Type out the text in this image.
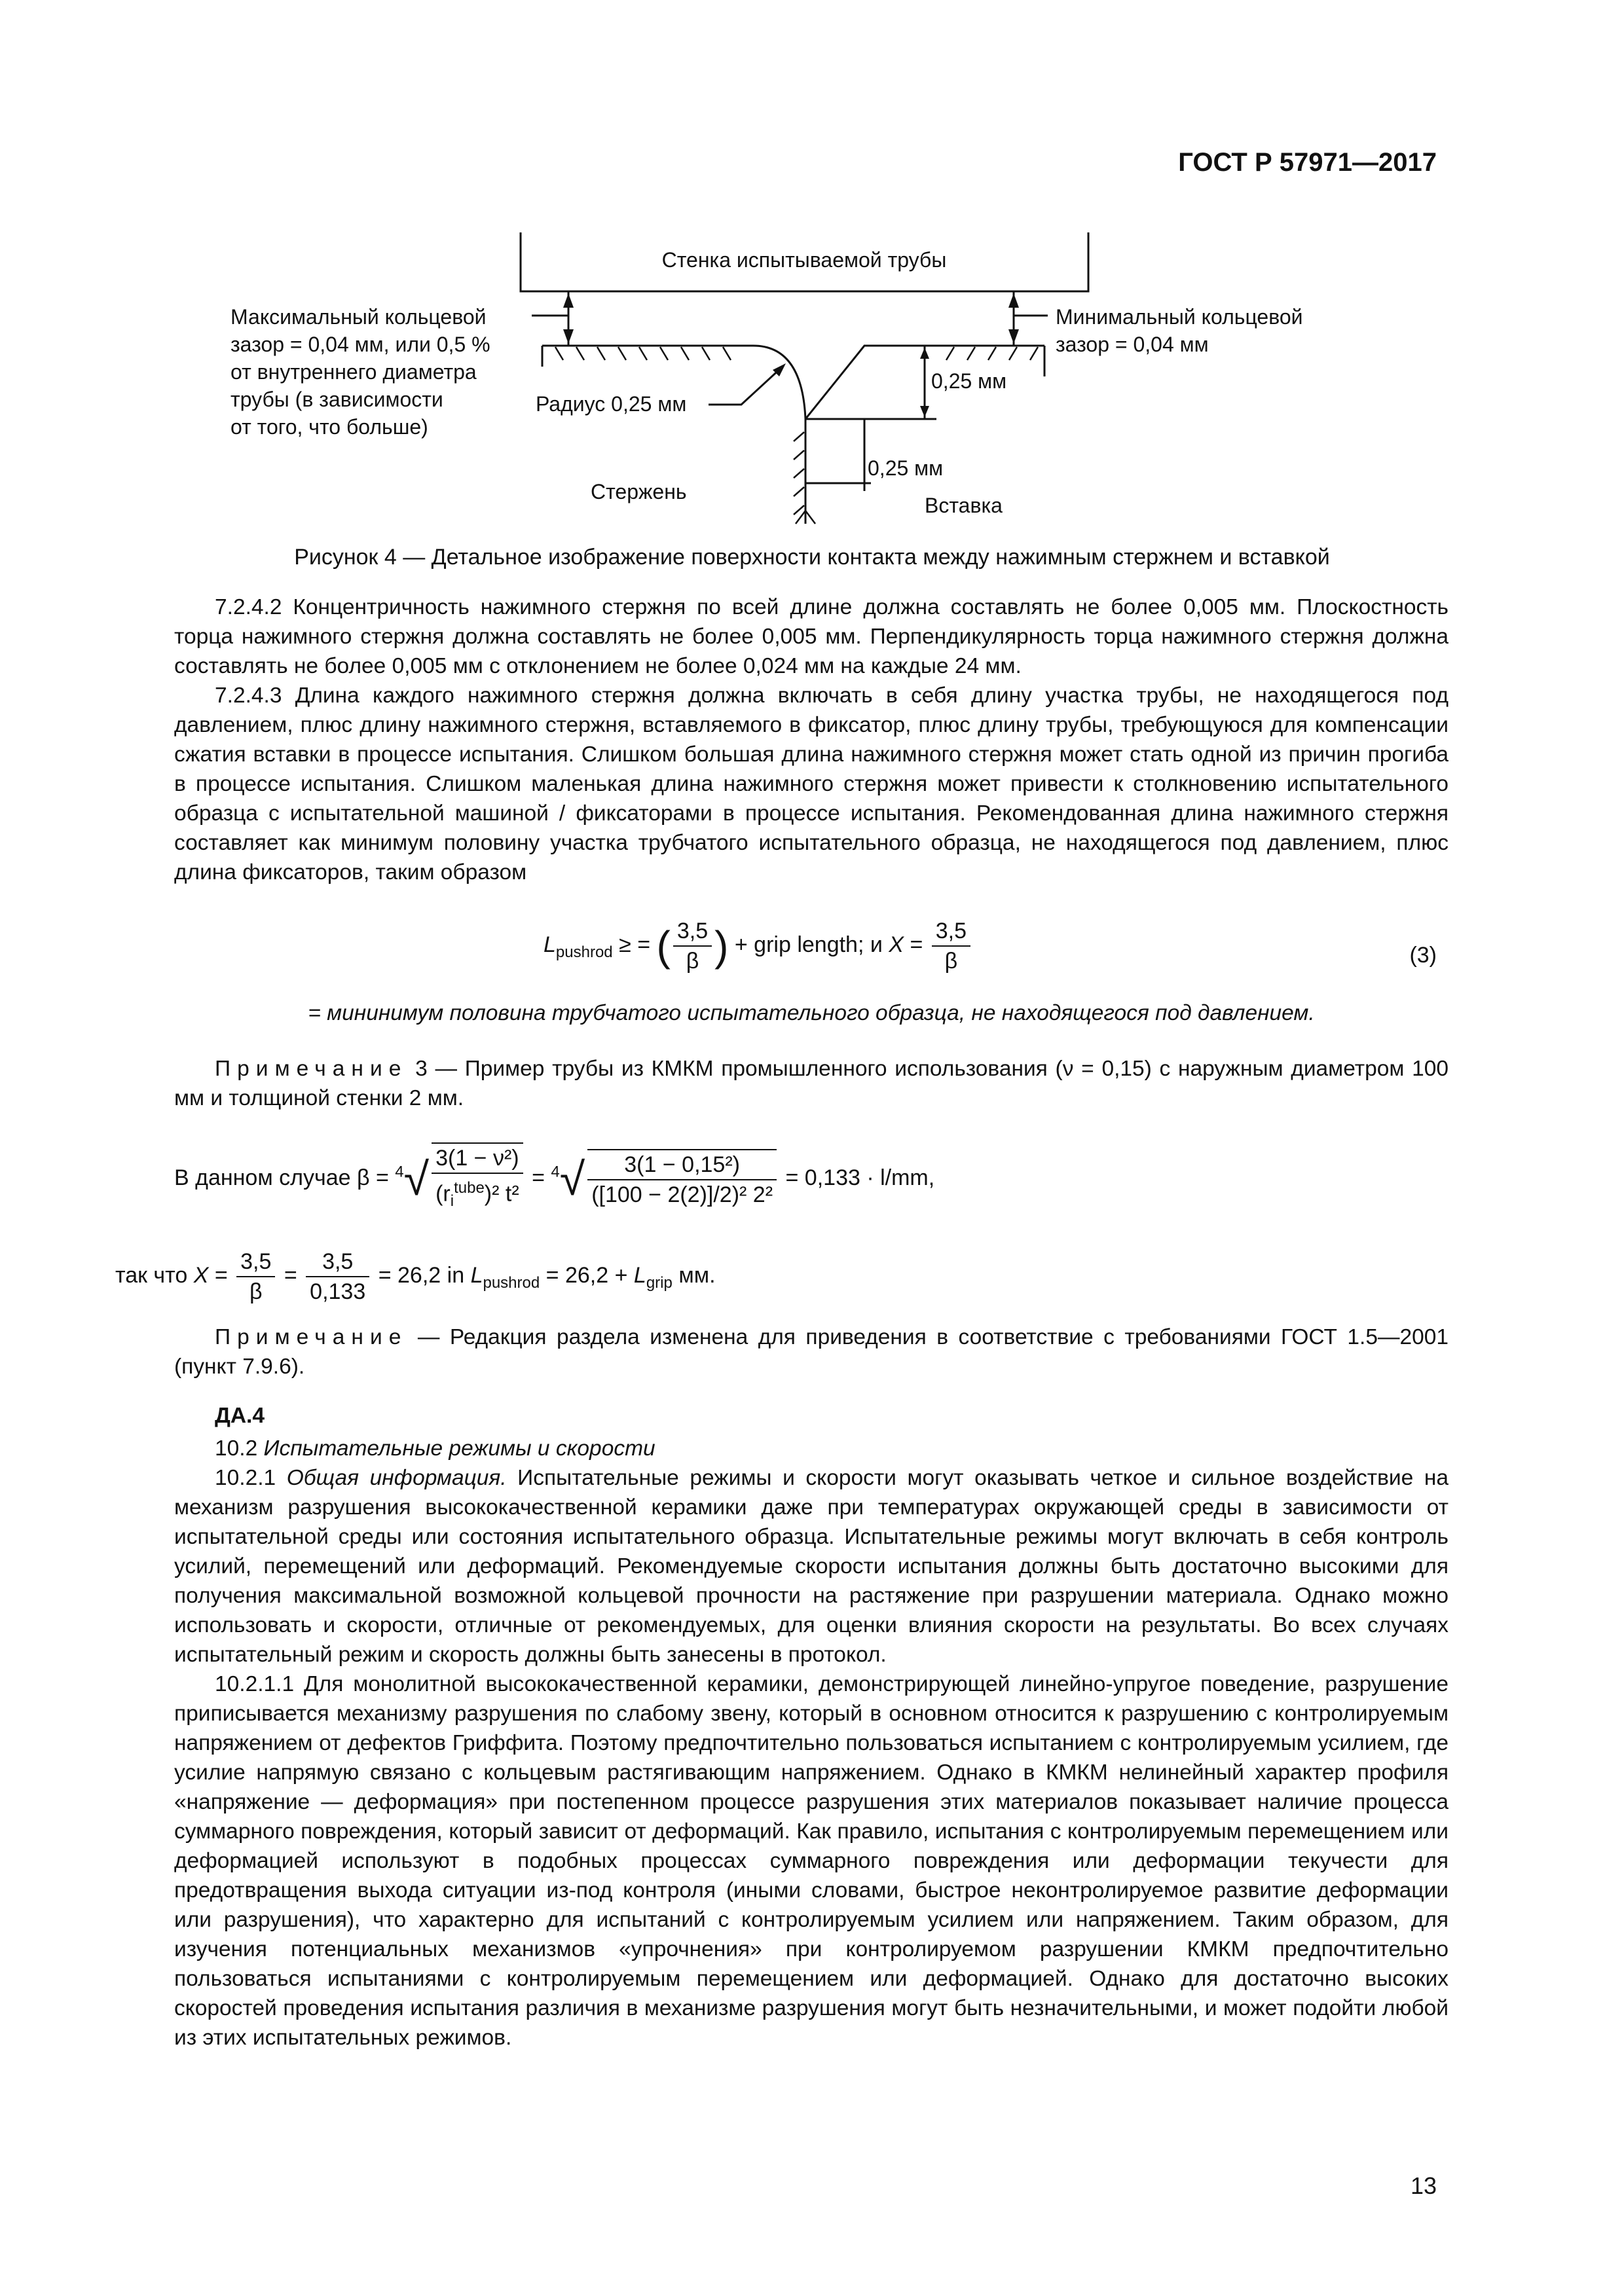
ГОСТ Р 57971—2017
Стенка испытываемой трубы
Максимальный кольцевой
зазор = 0,04 мм, или 0,5 %
от внутреннего диаметра
трубы (в зависимости
от того, что больше)
Минимальный кольцевой
зазор = 0,04 мм
Радиус 0,25 мм
0,25 мм
0,25 мм
Стержень
Вставка
Рисунок 4 — Детальное изображение поверхности контакта между нажимным стержнем и вставкой

7.2.4.2 Концентричность нажимного стержня по всей длине должна составлять не более 0,005 мм. Плоскостность торца нажимного стержня должна составлять не более 0,005 мм. Перпендикулярность торца нажимного стержня должна составлять не более 0,005 мм с отклонением не более 0,024 мм на каждые 24 мм.

7.2.4.3 Длина каждого нажимного стержня должна включать в себя длину участка трубы, не находящегося под давлением, плюс длину нажимного стержня, вставляемого в фиксатор, плюс длину трубы, требующуюся для компенсации сжатия вставки в процессе испытания. Слишком большая длина нажимного стержня может стать одной из причин прогиба в процессе испытания. Слишком маленькая длина нажимного стержня может привести к столкновению испытательного образца с испытательной машиной / фиксаторами в процессе испытания. Рекомендованная длина нажимного стержня составляет как минимум половину участка трубчатого испытательного образца, не находящегося под давлением, плюс длина фиксаторов, таким образом

$L_{pushrod}$ ≥ = ( $\frac{3,5}{\beta}$ ) + grip length; и $X = \frac{3,5}{\beta}$	(3)

= мининимум половина трубчатого испытательного образца, не находящегося под давлением.

Примечание 3 — Пример трубы из КМКМ промышленного использования (ν = 0,15) с наружным диаметром 100 мм и толщиной стенки 2 мм.

В данном случае $\beta = ^4√ \frac{\text{3(1 − ν²)}}{(r_i^{tube})^2 t^2} = ^4√ \frac{\text{3(1 − 0,15²)}}{\text{([100 − 2(2)]/2)² 2²}} = 0,133 \cdot l/mm$,
так что $X = \frac{3,5}{\beta} = \frac{3,5}{0,133} = 26,2$ in $L_{pushrod} = 26,2 + L_{grip}$ мм.

Примечание — Редакция раздела изменена для приведения в соответствие с требованиями ГОСТ 1.5—2001 (пункт 7.9.6).

ДА.4

10.2 Испытательные режимы и скорости

10.2.1 Общая информация. Испытательные режимы и скорости могут оказывать четкое и сильное воздействие на механизм разрушения высококачественной керамики даже при температурах окружающей среды в зависимости от испытательной среды или состояния испытательного образца. Испытательные режимы могут включать в себя контроль усилий, перемещений или деформаций. Рекомендуемые скорости испытания должны быть достаточно высокими для получения максимальной возможной кольцевой прочности на растяжение при разрушении материала. Однако можно использовать и скорости, отличные от рекомендуемых, для оценки влияния скорости на результаты. Во всех случаях испытательный режим и скорость должны быть занесены в протокол.

10.2.1.1 Для монолитной высококачественной керамики, демонстрирующей линейно-упругое поведение, разрушение приписывается механизму разрушения по слабому звену, который в основном относится к разрушению с контролируемым напряжением от дефектов Гриффита. Поэтому предпочтительно пользоваться испытанием с контролируемым усилием, где усилие напрямую связано с кольцевым растягивающим напряжением. Однако в КМКМ нелинейный характер профиля «напряжение — деформация» при постепенном процессе разрушения этих материалов показывает наличие процесса суммарного повреждения, который зависит от деформаций. Как правило, испытания с контролируемым перемещением или деформацией используют в подобных процессах суммарного повреждения или деформации текучести для предотвращения выхода ситуации из-под контроля (иными словами, быстрое неконтролируемое развитие деформации или разрушения), что характерно для испытаний с контролируемым усилием или напряжением. Таким образом, для изучения потенциальных механизмов «упрочнения» при контролируемом разрушении КМКМ предпочтительно пользоваться испытаниями с контролируемым перемещением или деформацией. Однако для достаточно высоких скоростей проведения испытания различия в механизме разрушения могут быть незначительными, и может подойти любой из этих испытательных режимов.

13
